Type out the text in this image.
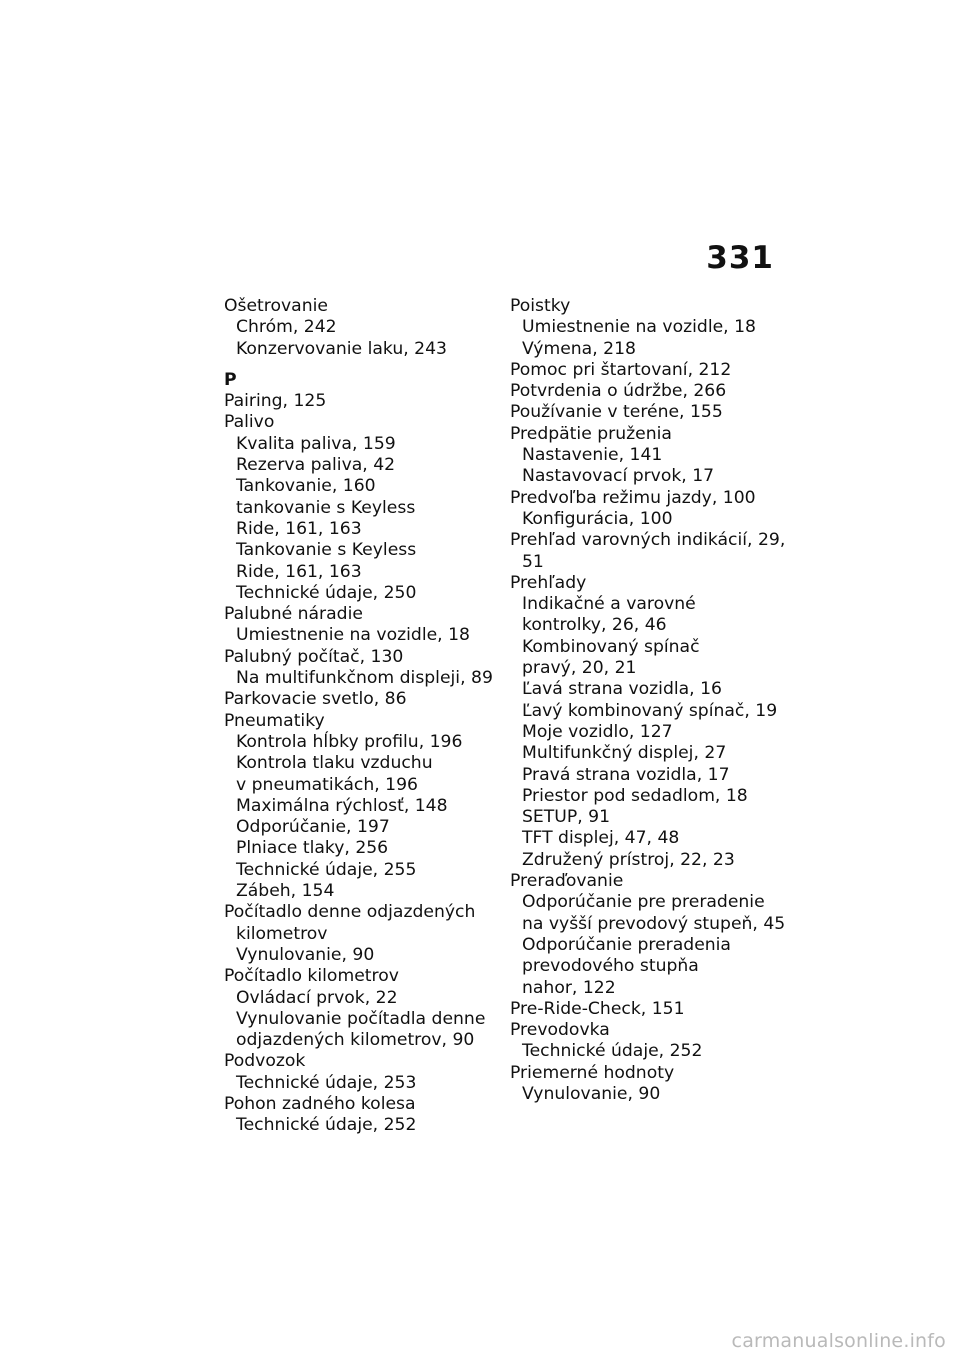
331
Ošetrovanie
Chróm, 242
Konzervovanie laku, 243
P
Pairing, 125
Palivo
Kvalita paliva, 159
Rezerva paliva, 42
Tankovanie, 160
tankovanie s Keyless
Ride, 161, 163
Tankovanie s Keyless
Ride, 161, 163
Technické údaje, 250
Palubné náradie
Umiestnenie na vozidle, 18
Palubný počítač, 130
Na multifunkčnom displeji, 89
Parkovacie svetlo, 86
Pneumatiky
Kontrola hĺbky profilu, 196
Kontrola tlaku vzduchu
v pneumatikách, 196
Maximálna rýchlosť, 148
Odporúčanie, 197
Plniace tlaky, 256
Technické údaje, 255
Zábeh, 154
Počítadlo denne odjazdených
kilometrov
Vynulovanie, 90
Počítadlo kilometrov
Ovládací prvok, 22
Vynulovanie počítadla denne
odjazdených kilometrov, 90
Podvozok
Technické údaje, 253
Pohon zadného kolesa
Technické údaje, 252
Poistky
Umiestnenie na vozidle, 18
Výmena, 218
Pomoc pri štartovaní, 212
Potvrdenia o údržbe, 266
Používanie v teréne, 155
Predpätie pruženia
Nastavenie, 141
Nastavovací prvok, 17
Predvoľba režimu jazdy, 100
Konfigurácia, 100
Prehľad varovných indikácií, 29,
51
Prehľady
Indikačné a varovné
kontrolky, 26, 46
Kombinovaný spínač
pravý, 20, 21
Ľavá strana vozidla, 16
Ľavý kombinovaný spínač, 19
Moje vozidlo, 127
Multifunkčný displej, 27
Pravá strana vozidla, 17
Priestor pod sedadlom, 18
SETUP, 91
TFT displej, 47, 48
Združený prístroj, 22, 23
Preraďovanie
Odporúčanie pre preradenie
na vyšší prevodový stupeň, 45
Odporúčanie preradenia
prevodového stupňa
nahor, 122
Pre-Ride-Check, 151
Prevodovka
Technické údaje, 252
Priemerné hodnoty
Vynulovanie, 90
carmanualsonline.info
